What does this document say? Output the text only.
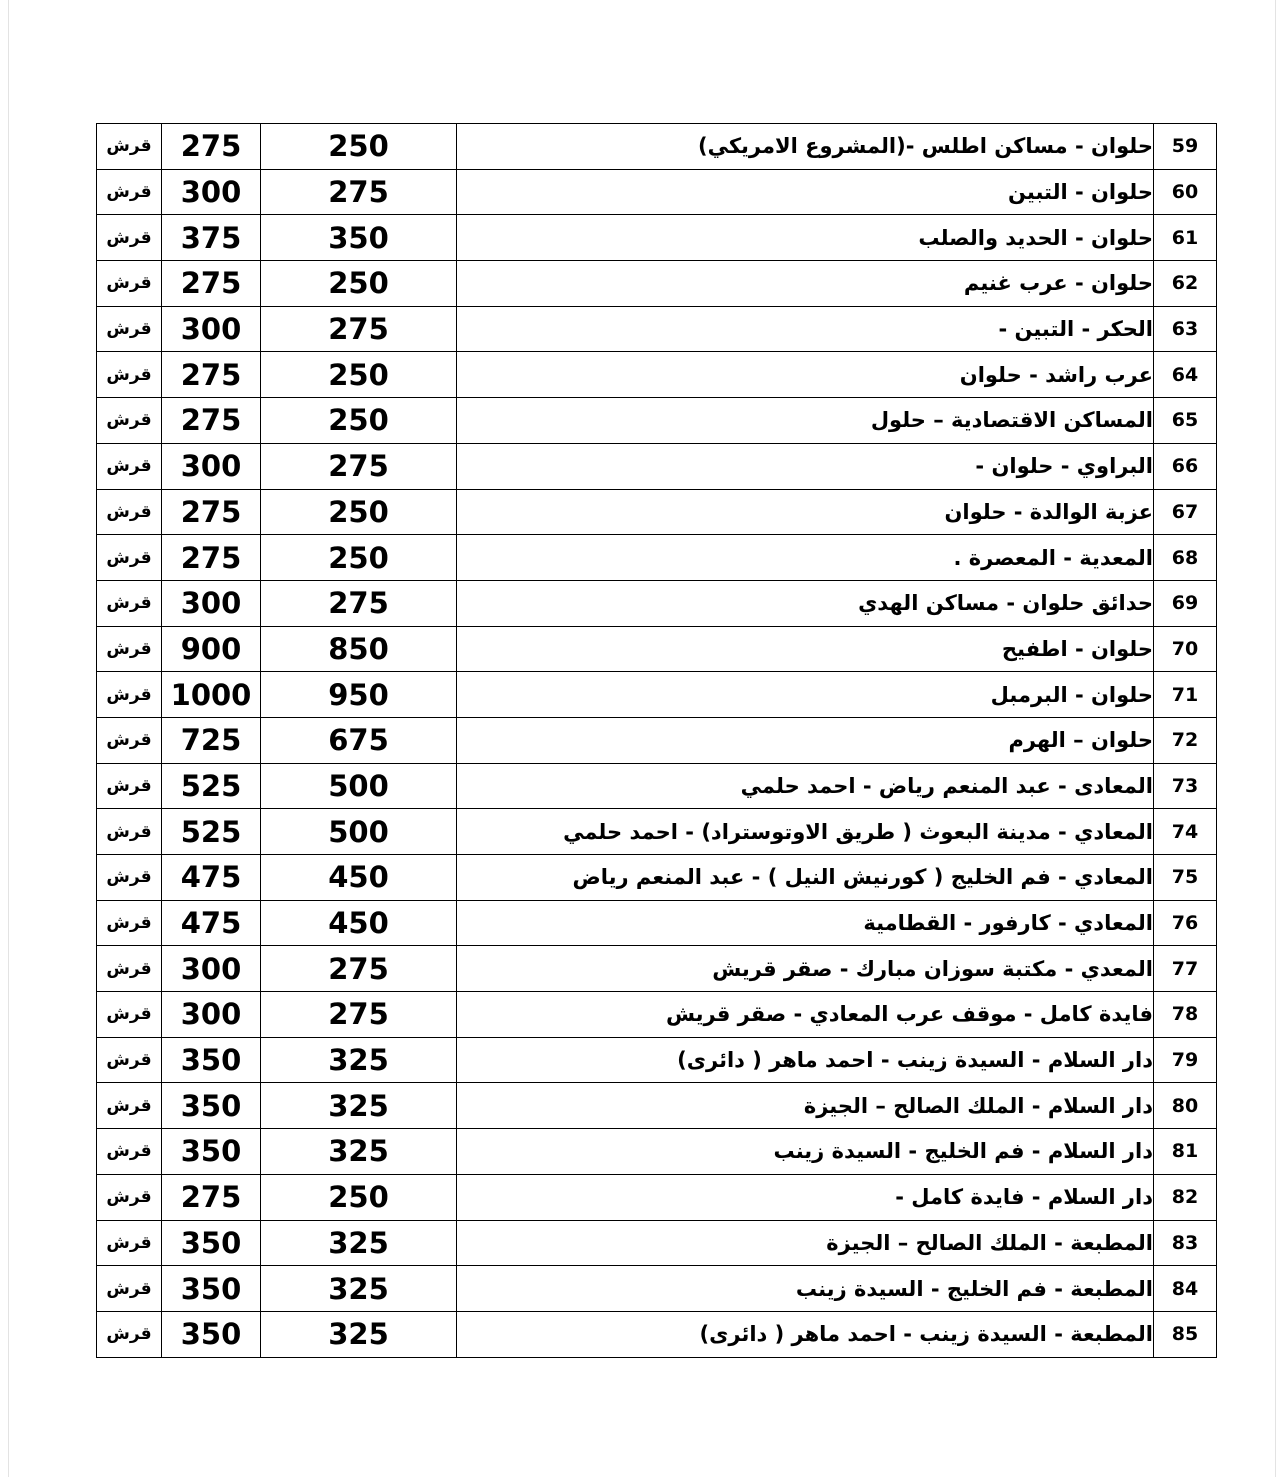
قرش	275	250	حلوان - مساكن اطلس -(المشروع الامريكي)	59
قرش	300	275	حلوان - التبين	60
قرش	375	350	حلوان - الحديد والصلب	61
قرش	275	250	حلوان - عرب غنيم	62
قرش	300	275	الحكر - التبين -	63
قرش	275	250	عرب راشد - حلوان	64
قرش	275	250	المساكن الاقتصادية – حلول	65
قرش	300	275	البراوي - حلوان -	66
قرش	275	250	عزبة الوالدة - حلوان	67
قرش	275	250	المعدية - المعصرة .	68
قرش	300	275	حدائق حلوان - مساكن الهدي	69
قرش	900	850	حلوان - اطفيح	70
قرش	1000	950	حلوان - البرمبل	71
قرش	725	675	حلوان – الهرم	72
قرش	525	500	المعادى - عبد المنعم رياض - احمد حلمي	73
قرش	525	500	المعادي - مدينة البعوث ( طريق الاوتوستراد) - احمد حلمي	74
قرش	475	450	المعادي - فم الخليج ( كورنيش النيل ) - عبد المنعم رياض	75
قرش	475	450	المعادي - كارفور - القطامية	76
قرش	300	275	المعدي - مكتبة سوزان مبارك - صقر قريش	77
قرش	300	275	فايدة كامل - موقف عرب المعادي - صقر قريش	78
قرش	350	325	دار السلام - السيدة زينب - احمد ماهر ( دائرى)	79
قرش	350	325	دار السلام - الملك الصالح – الجيزة	80
قرش	350	325	دار السلام - فم الخليج - السيدة زينب	81
قرش	275	250	دار السلام - فايدة كامل -	82
قرش	350	325	المطبعة - الملك الصالح – الجيزة	83
قرش	350	325	المطبعة - فم الخليج - السيدة زينب	84
قرش	350	325	المطبعة - السيدة زينب - احمد ماهر ( دائرى)	85
